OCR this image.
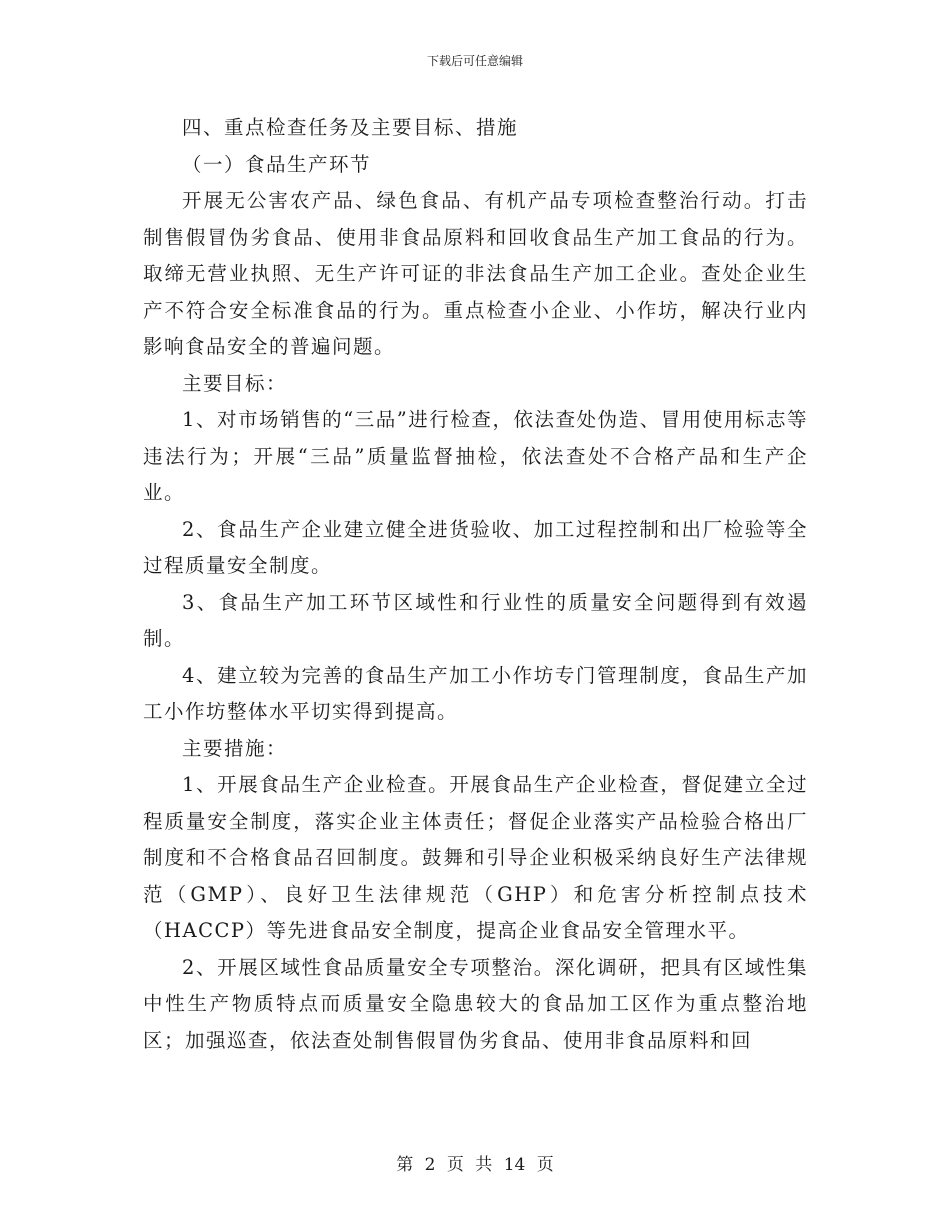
下载后可任意编辑

四、重点检查任务及主要目标、措施

（一）食品生产环节

开展无公害农产品、绿色食品、有机产品专项检查整治行动。打击制售假冒伪劣食品、使用非食品原料和回收食品生产加工食品的行为。取缔无营业执照、无生产许可证的非法食品生产加工企业。查处企业生产不符合安全标准食品的行为。重点检查小企业、小作坊，解决行业内影响食品安全的普遍问题。

主要目标：

1、对市场销售的“三品”进行检查，依法查处伪造、冒用使用标志等违法行为；开展“三品”质量监督抽检，依法查处不合格产品和生产企业。

2、食品生产企业建立健全进货验收、加工过程控制和出厂检验等全过程质量安全制度。

3、食品生产加工环节区域性和行业性的质量安全问题得到有效遏制。

4、建立较为完善的食品生产加工小作坊专门管理制度，食品生产加工小作坊整体水平切实得到提高。

主要措施：

1、开展食品生产企业检查。开展食品生产企业检查，督促建立全过程质量安全制度，落实企业主体责任；督促企业落实产品检验合格出厂制度和不合格食品召回制度。鼓舞和引导企业积极采纳良好生产法律规范（GMP）、良好卫生法律规范（GHP）和危害分析控制点技术（HACCP）等先进食品安全制度，提高企业食品安全管理水平。

2、开展区域性食品质量安全专项整治。深化调研，把具有区域性集中性生产物质特点而质量安全隐患较大的食品加工区作为重点整治地区；加强巡查，依法查处制售假冒伪劣食品、使用非食品原料和回

第 2 页 共 14 页
